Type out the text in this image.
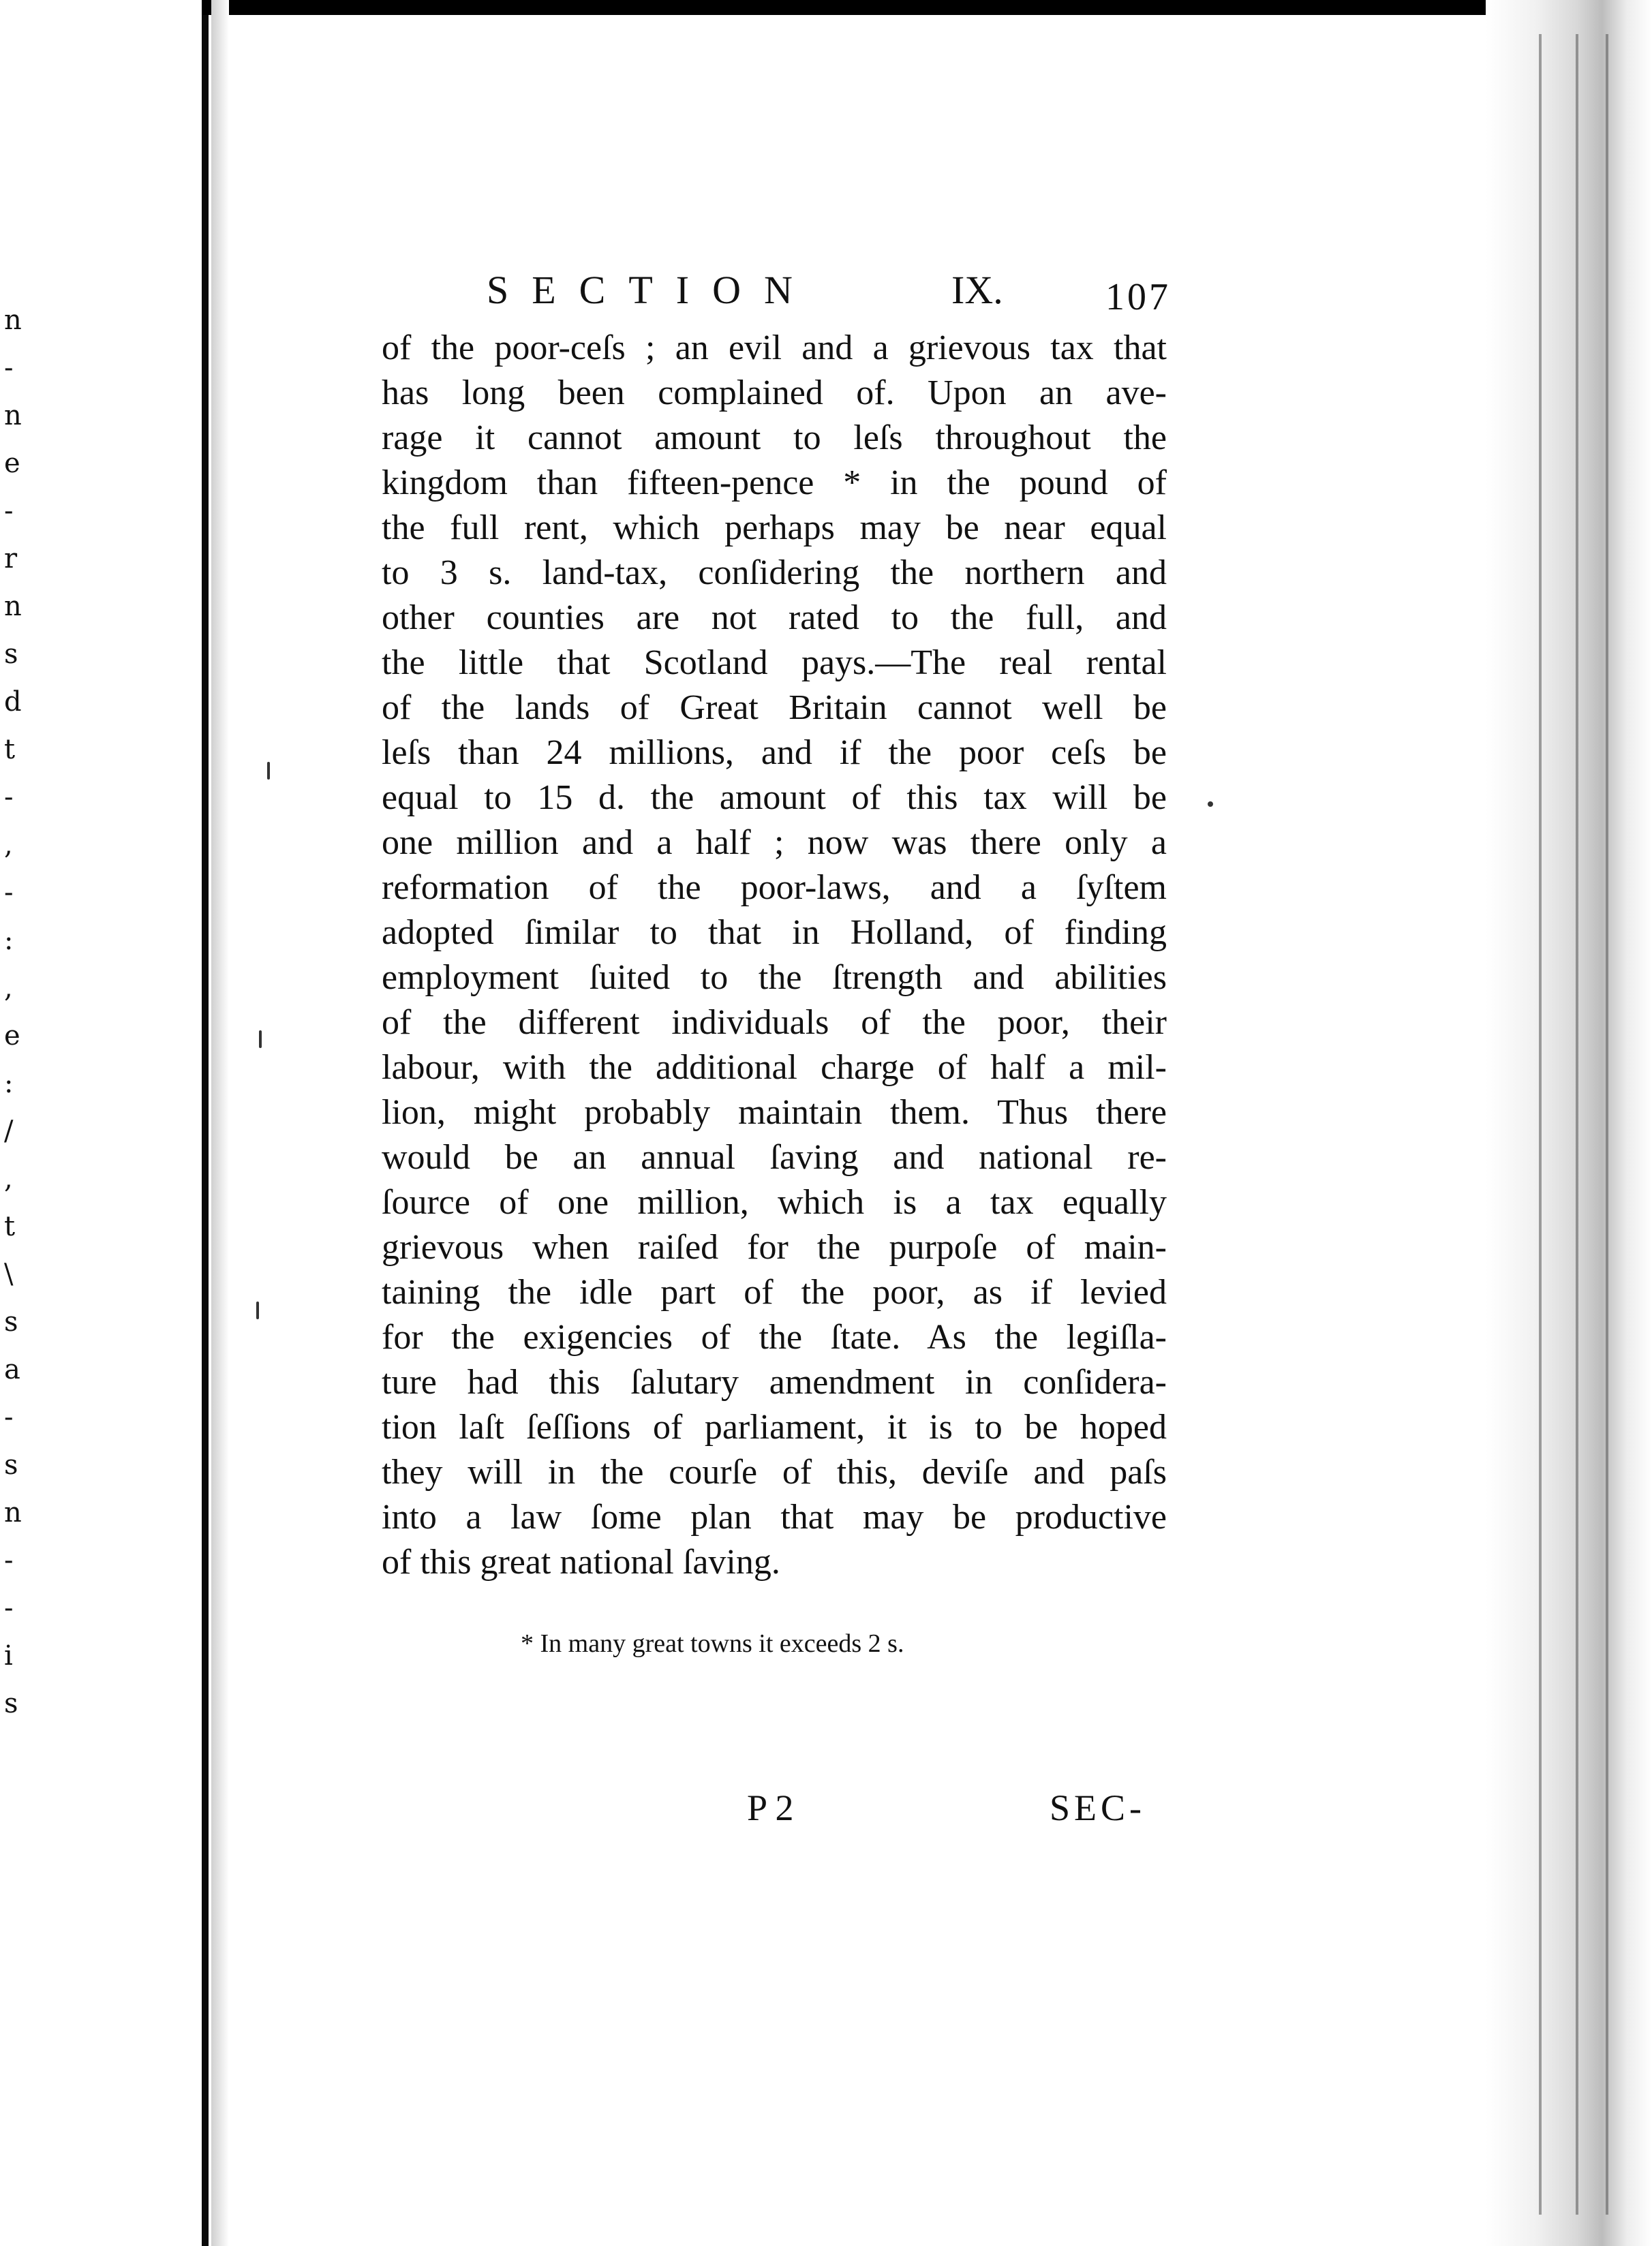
n
-
n
e
-
r
n
s
d
t
-
,
-
:
,
e
:
/
,
t
\
s
a
-
s
n
-
-
i
s
SECTION	IX.	107
of the poor-ceſs ; an evil and a grievous tax that
has long been complained of. Upon an ave-
rage it cannot amount to leſs throughout the
kingdom than fifteen-pence * in the pound of
the full rent, which perhaps may be near equal
to 3 s. land-tax, conſidering the northern and
other counties are not rated to the full, and
the little that Scotland pays.—The real rental
of the lands of Great Britain cannot well be
leſs than 24 millions, and if the poor ceſs be
equal to 15 d. the amount of this tax will be
one million and a half ; now was there only a
reformation of the poor-laws, and a ſyſtem
adopted ſimilar to that in Holland, of finding
employment ſuited to the ſtrength and abilities
of the different individuals of the poor, their
labour, with the additional charge of half a mil-
lion, might probably maintain them. Thus there
would be an annual ſaving and national re-
ſource of one million, which is a tax equally
grievous when raiſed for the purpoſe of main-
taining the idle part of the poor, as if levied
for the exigencies of the ſtate. As the legiſla-
ture had this ſalutary amendment in conſidera-
tion laſt ſeſſions of parliament, it is to be hoped
they will in the courſe of this, deviſe and paſs
into a law ſome plan that may be productive
of this great national ſaving.
* In many great towns it exceeds 2 s.
P 2	SEC-
